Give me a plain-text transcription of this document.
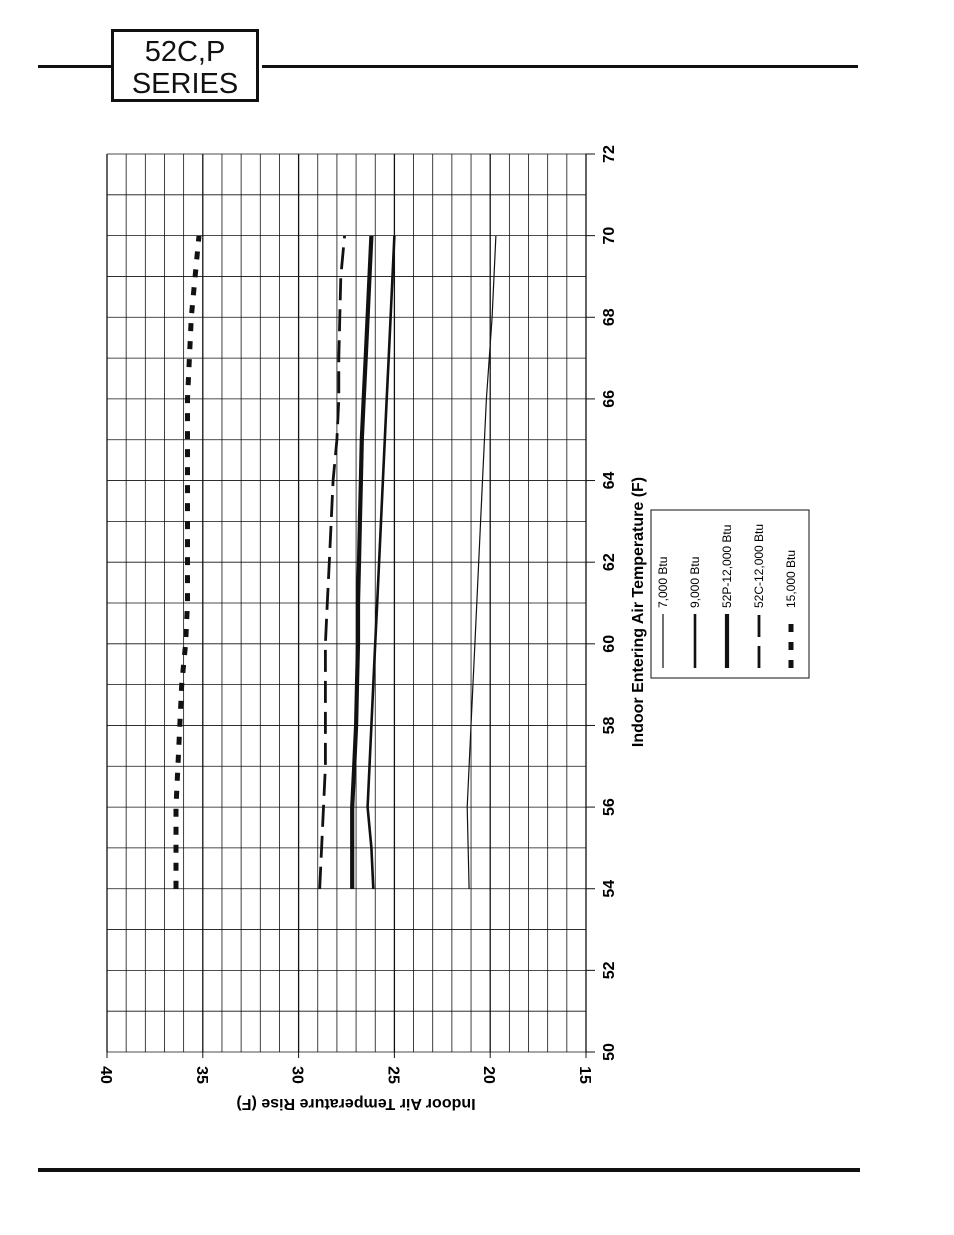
52C,P
SERIES
50
52
54
56
58
60
62
64
66
68
70
72
40	35	30	25	20	15
Indoor Entering Air Temperature (F)
Indoor Air Temperature Rise (F)
7,000 Btu 9,000 Btu 52P-12,000 Btu 52C-12,000 Btu 15,000 Btu
